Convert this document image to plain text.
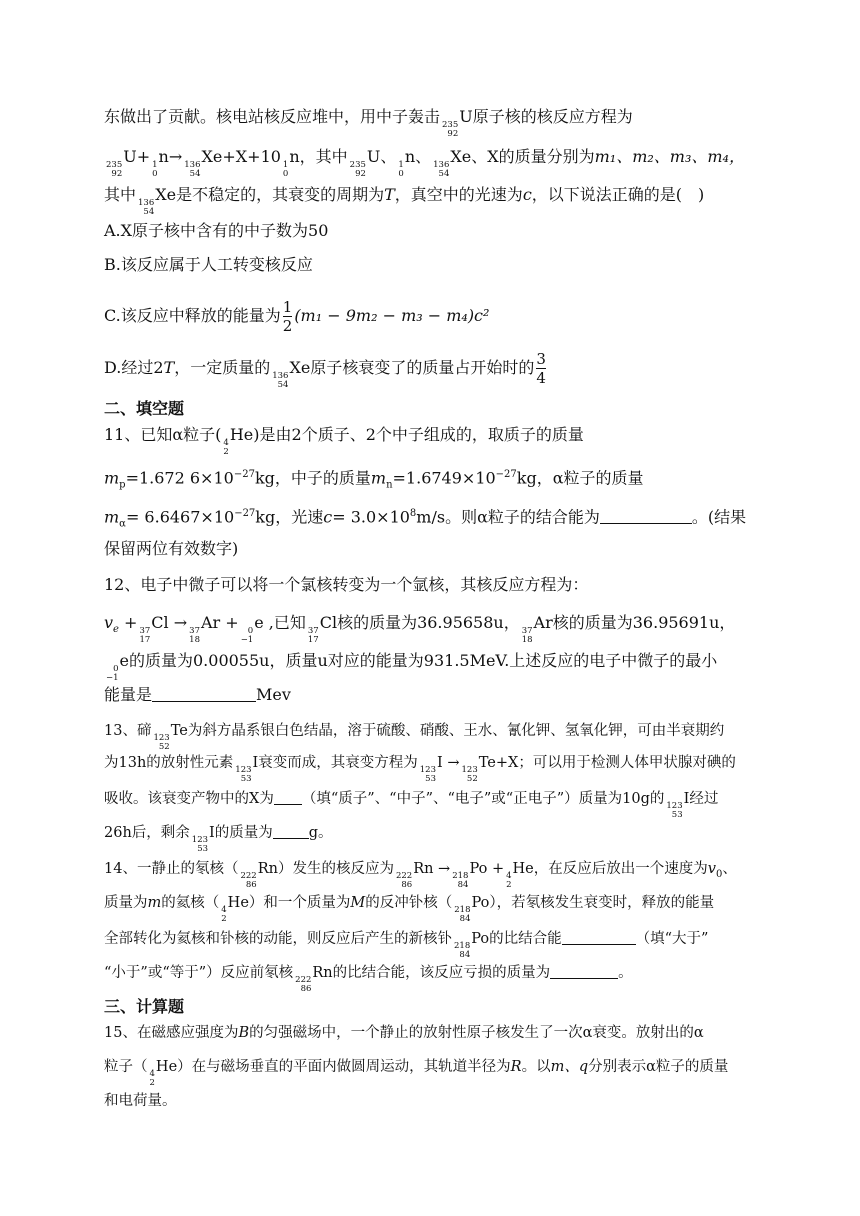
东做出了贡献。核电站核反应堆中，用中子轰击 235
92
U原子核的核反应方程为
235
92
U+ 1
0
n→ 136
54
Xe+X+10 1
0
n，其中 235
92
U、 1
0
n、 136
54
Xe、X的质量分别为m₁、m₂、m₃、m₄，
其中 136
54
Xe是不稳定的，其衰变的周期为T，真空中的光速为c，以下说法正确的是(　)
A.X原子核中含有的中子数为50
B.该反应属于人工转变核反应
C.该反应中释放的能量为 $\frac{1}{2} (m_1 - 9m_2 - m_3 - m_4)c^2$
D.经过2T，一定质量的 136
54
Xe原子核衰变了的质量占开始时的 $\frac{3}{4}$
二、填空题
11、已知α粒子( 4
2
He)是由2个质子、2个中子组成的，取质子的质量
$m_p=1.672$ $6\times 10^{-27}kg$，中子的质量$m_n=1.6749\times 10^{-27}kg$，α粒子的质量
$m_\alpha= 6.6467\times 10^{-27}kg$，光速$c= 3.0\times 10^8m/s$。则α粒子的结合能为	。(结果
保留两位有效数字)
12、电子中微子可以将一个氯核转变为一个氩核，其核反应方程为：
$v_e + 37$
17
Cl → 37
18
Ar + 0
−1
e ,已知 37
17
Cl核的质量为36.95658u， 37
18
Ar核的质量为36.95691u，
0
−1
e的质量为0.00055u，质量u对应的能量为931.5MeV.上述反应的电子中微子的最小
能量是	Mev
13、碲 123
52
Te为斜方晶系银白色结晶，溶于硫酸、硝酸、王水、氰化钾、氢氧化钾，可由半衰期约
为13h的放射性元素 123
53
I衰变而成，其衰变方程为 123
53
I → 123
52
Te+X；可以用于检测人体甲状腺对碘的
吸收。该衰变产物中的X为 （填“质子”、“中子”、“电子”或“正电子”）质量为10g的 123
53
I经过
26h后，剩余 123
53
I的质量为 g。
14、一静止的氡核（ 222
86
Rn）发生的核反应为 222
86
Rn → 218
84
Po + 4
2
He，在反应后放出一个速度为$v_0$、
质量为m的氦核（ 4
2
He）和一个质量为M的反冲钋核（ 218
84
Po），若氡核发生衰变时，释放的能量
全部转化为氦核和钋核的动能，则反应后产生的新核钋 218
84
Po的比结合能	（填“大于”
“小于”或“等于”）反应前氡核 222
86
Rn的比结合能，该反应亏损的质量为	。
三、计算题
15、在磁感应强度为B的匀强磁场中，一个静止的放射性原子核发生了一次α衰变。放射出的α
粒子（ 4
2
He）在与磁场垂直的平面内做圆周运动，其轨道半径为R。以m、q分别表示α粒子的质量
和电荷量。
